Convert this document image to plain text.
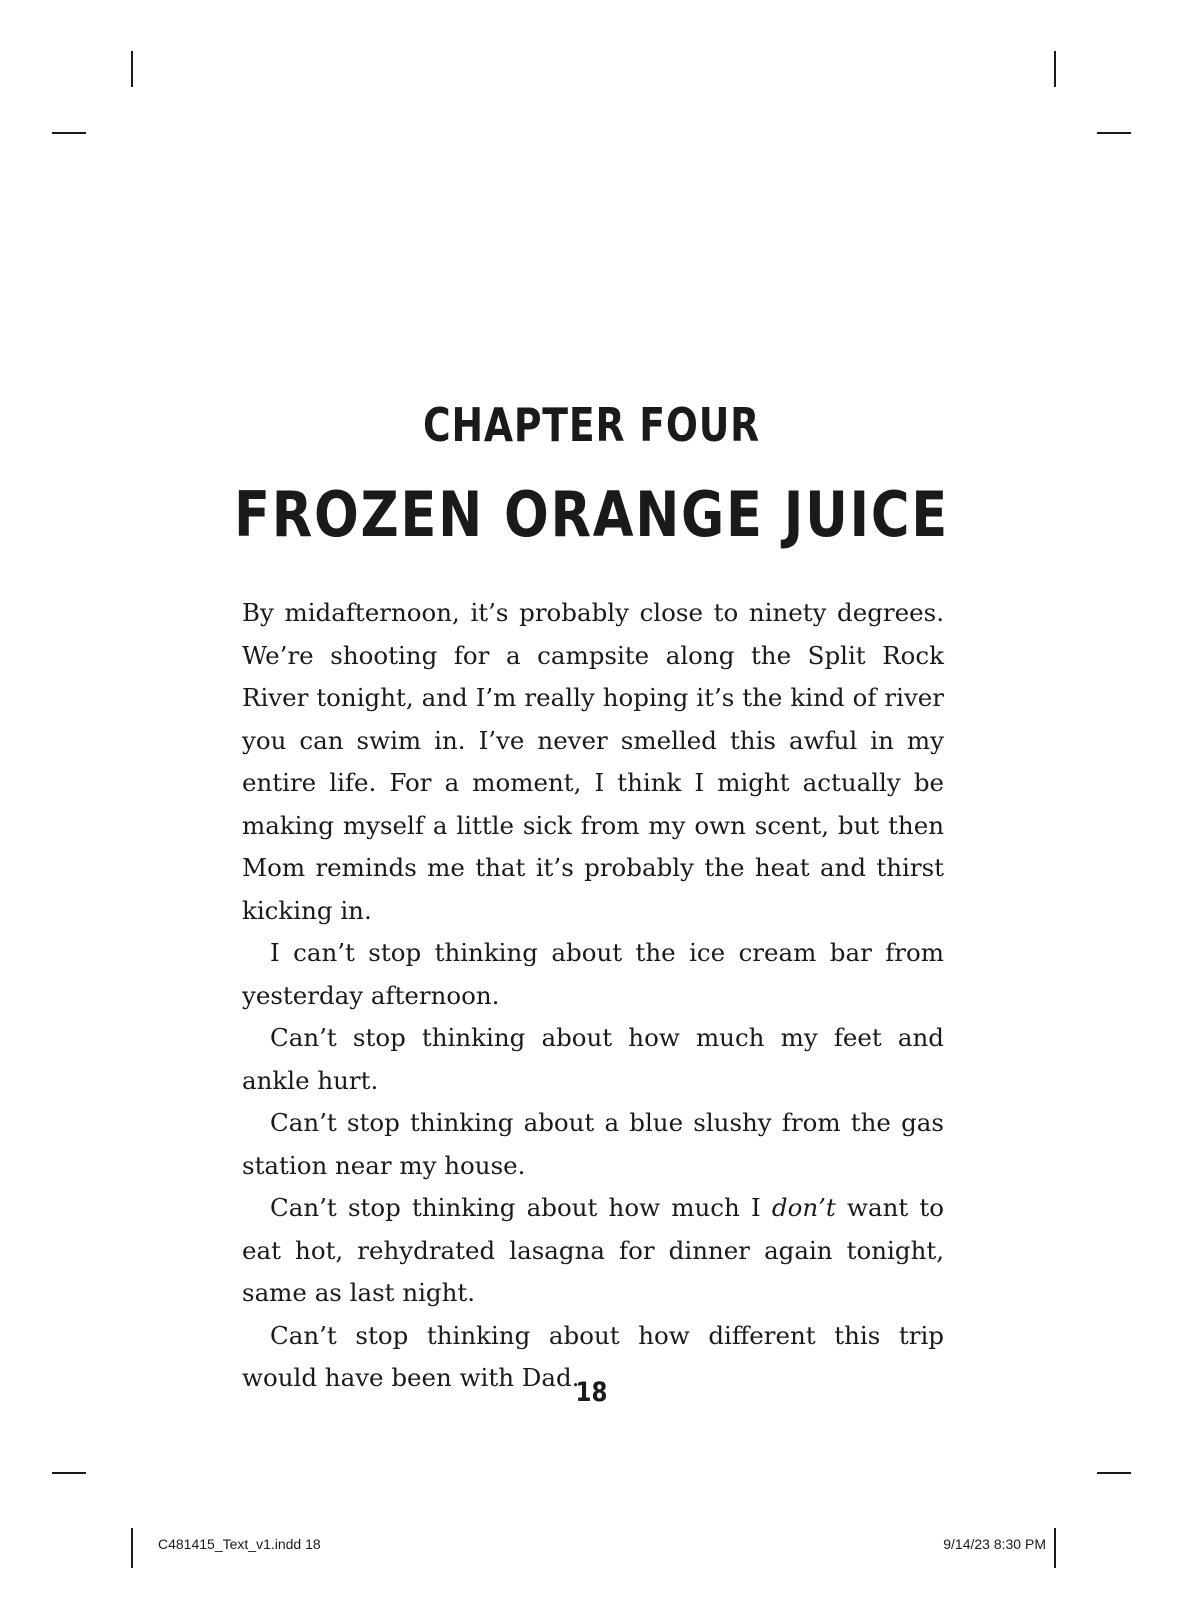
CHAPTER FOUR
FROZEN ORANGE JUICE

By midafternoon, it’s probably close to ninety degrees. We’re shooting for a campsite along the Split Rock River tonight, and I’m really hoping it’s the kind of river you can swim in. I’ve never smelled this awful in my entire life. For a moment, I think I might actually be making myself a little sick from my own scent, but then Mom reminds me that it’s probably the heat and thirst kicking in.

I can’t stop thinking about the ice cream bar from yesterday afternoon.

Can’t stop thinking about how much my feet and ankle hurt.

Can’t stop thinking about a blue slushy from the gas station near my house.

Can’t stop thinking about how much I don’t want to eat hot, rehydrated lasagna for dinner again tonight, same as last night.

Can’t stop thinking about how different this trip would have been with Dad.

18
C481415_Text_v1.indd 18	9/14/23 8:30 PM
